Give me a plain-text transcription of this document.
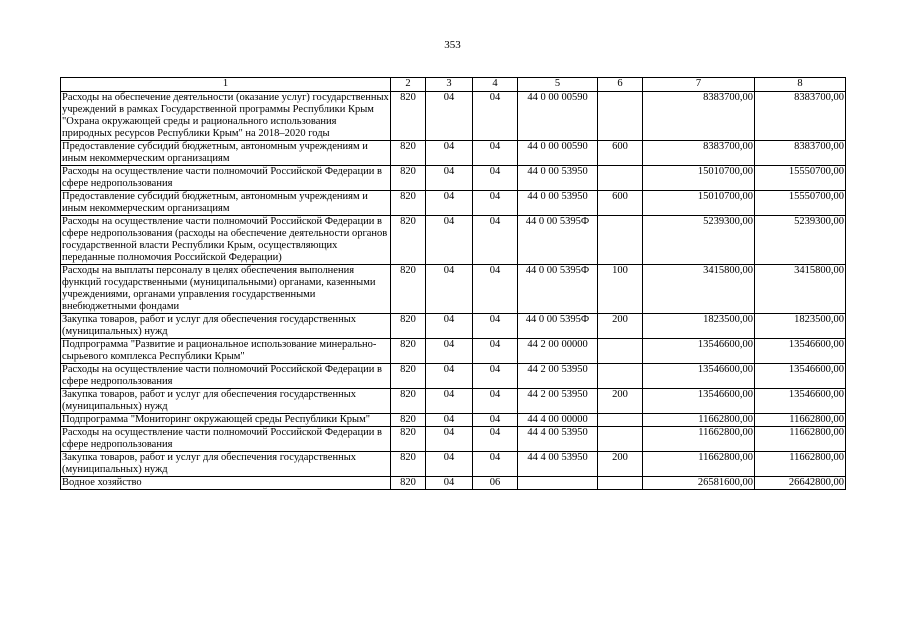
353
1	2	3	4	5	6	7	8
Расходы на обеспечение деятельности (оказание услуг) государственных учреждений в рамках Государственной программы Республики Крым "Охрана окружающей среды и рационального использования природных ресурсов Республики Крым" на 2018–2020 годы	820	04	04	44 0 00 00590		8383700,00	8383700,00
Предоставление субсидий бюджетным, автономным учреждениям и иным некоммерческим организациям	820	04	04	44 0 00 00590	600	8383700,00	8383700,00
Расходы на осуществление части полномочий Российской Федерации в сфере недропользования	820	04	04	44 0 00 53950		15010700,00	15550700,00
Предоставление субсидий бюджетным, автономным учреждениям и иным некоммерческим организациям	820	04	04	44 0 00 53950	600	15010700,00	15550700,00
Расходы на осуществление части полномочий Российской Федерации в сфере недропользования (расходы на обеспечение деятельности органов государственной власти Республики Крым, осуществляющих переданные полномочия Российской Федерации)	820	04	04	44 0 00 5395Ф		5239300,00	5239300,00
Расходы на выплаты персоналу в целях обеспечения выполнения функций государственными (муниципальными) органами, казенными учреждениями, органами управления государственными внебюджетными фондами	820	04	04	44 0 00 5395Ф	100	3415800,00	3415800,00
Закупка товаров, работ и услуг для обеспечения государственных (муниципальных) нужд	820	04	04	44 0 00 5395Ф	200	1823500,00	1823500,00
Подпрограмма "Развитие и рациональное использование минерально-сырьевого комплекса Республики Крым"	820	04	04	44 2 00 00000		13546600,00	13546600,00
Расходы на осуществление части полномочий Российской Федерации в сфере недропользования	820	04	04	44 2 00 53950		13546600,00	13546600,00
Закупка товаров, работ и услуг для обеспечения государственных (муниципальных) нужд	820	04	04	44 2 00 53950	200	13546600,00	13546600,00
Подпрограмма "Мониторинг окружающей среды Республики Крым"	820	04	04	44 4 00 00000		11662800,00	11662800,00
Расходы на осуществление части полномочий Российской Федерации в сфере недропользования	820	04	04	44 4 00 53950		11662800,00	11662800,00
Закупка товаров, работ и услуг для обеспечения государственных (муниципальных) нужд	820	04	04	44 4 00 53950	200	11662800,00	11662800,00
Водное хозяйство	820	04	06			26581600,00	26642800,00
